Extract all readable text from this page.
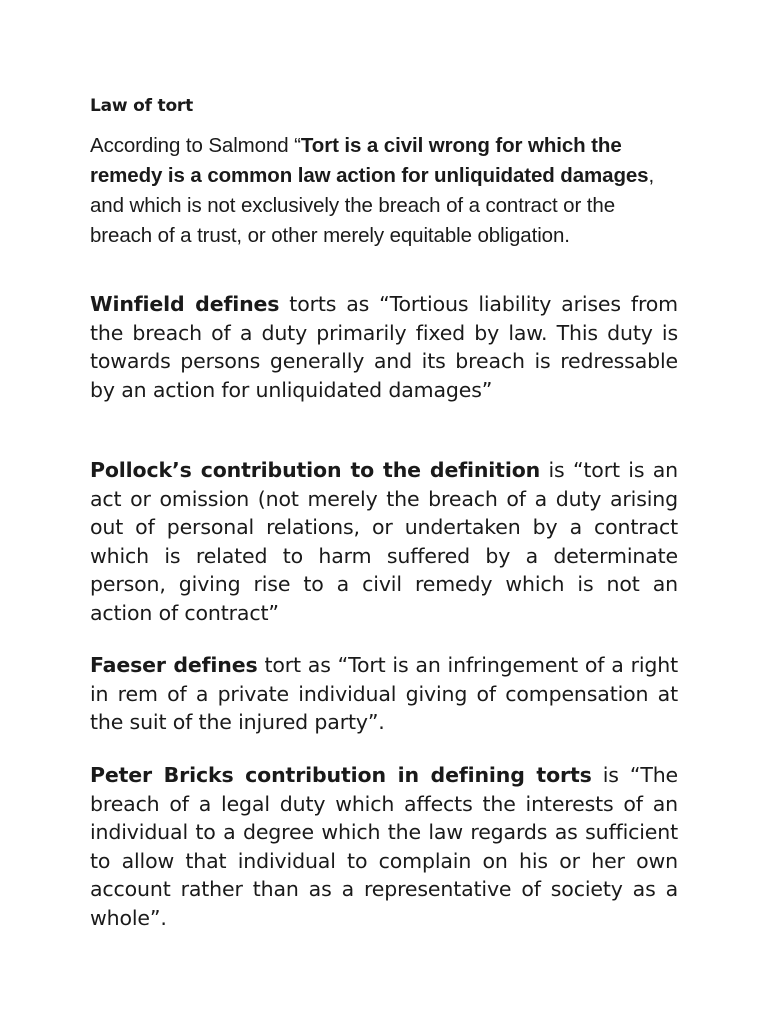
Law of tort

According to Salmond “Tort is a civil wrong for which the remedy is a common law action for unliquidated damages, and which is not exclusively the breach of a contract or the breach of a trust, or other merely equitable obligation.

Winfield defines torts as “Tortious liability arises from the breach of a duty primarily fixed by law. This duty is towards persons generally and its breach is redressable by an action for unliquidated damages”

Pollock’s contribution to the definition is “tort is an act or omission (not merely the breach of a duty arising out of personal relations, or undertaken by a contract which is related to harm suffered by a determinate person, giving rise to a civil remedy which is not an action of contract”

Faeser defines tort as “Tort is an infringement of a right in rem of a private individual giving of compensation at the suit of the injured party”.

Peter Bricks contribution in defining torts is “The breach of a legal duty which affects the interests of an individual to a degree which the law regards as sufficient to allow that individual to complain on his or her own account rather than as a representative of society as a whole”.
